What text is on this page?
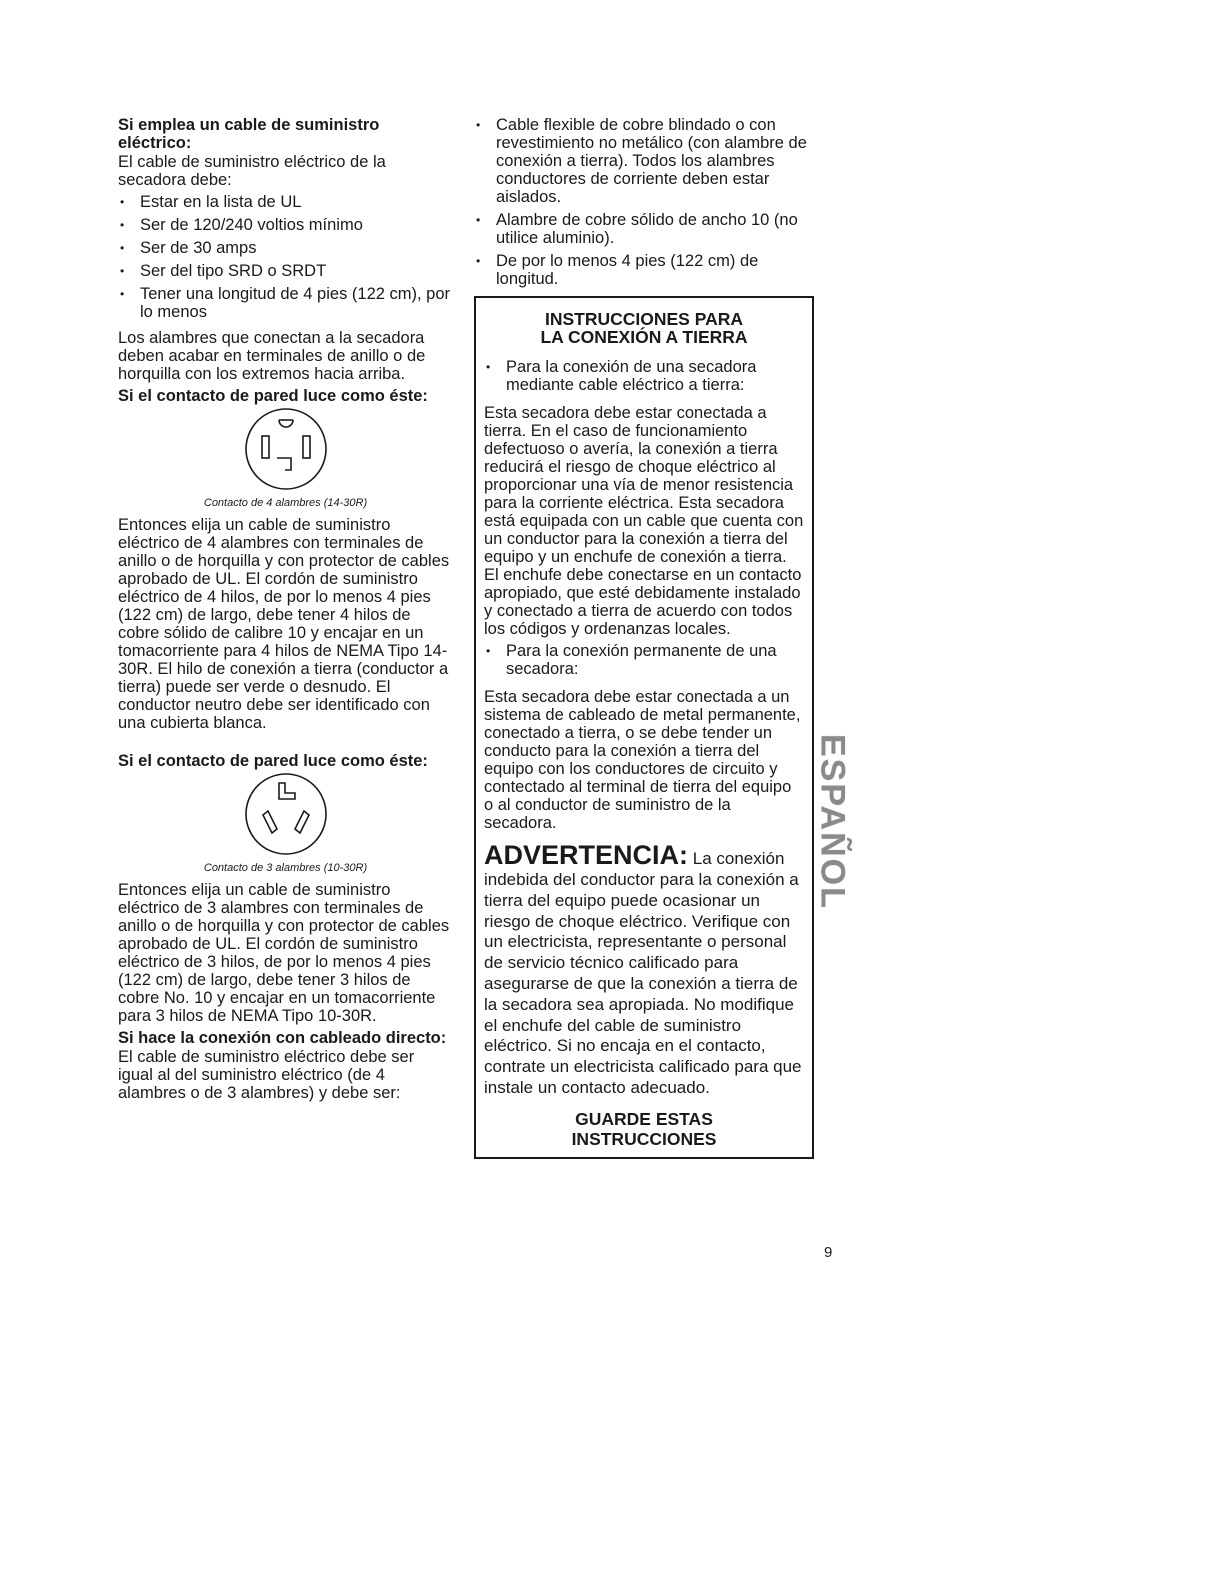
Si emplea un cable de suministro eléctrico:

El cable de suministro eléctrico de la secadora debe:

• Estar en la lista de UL
• Ser de 120/240 voltios mínimo
• Ser de 30 amps
• Ser del tipo SRD o SRDT
• Tener una longitud de 4 pies (122 cm), por lo menos

Los alambres que conectan a la secadora deben acabar en terminales de anillo o de horquilla con los extremos hacia arriba.

Si el contacto de pared luce como éste:
Contacto de 4 alambres (14-30R)

Entonces elija un cable de suministro eléctrico de 4 alambres con terminales de anillo o de horquilla y con protector de cables aprobado de UL. El cordón de suministro eléctrico de 4 hilos, de por lo menos 4 pies (122 cm) de largo, debe tener 4 hilos de cobre sólido de calibre 10 y encajar en un tomacorriente para 4 hilos de NEMA Tipo 14-30R. El hilo de conexión a tierra (conductor a tierra) puede ser verde o desnudo. El conductor neutro debe ser identificado con una cubierta blanca.

Si el contacto de pared luce como éste:
Contacto de 3 alambres (10-30R)

Entonces elija un cable de suministro eléctrico de 3 alambres con terminales de anillo o de horquilla y con protector de cables aprobado de UL. El cordón de suministro eléctrico de 3 hilos, de por lo menos 4 pies (122 cm) de largo, debe tener 3 hilos de cobre No. 10 y encajar en un tomacorriente para 3 hilos de NEMA Tipo 10-30R.

Si hace la conexión con cableado directo:

El cable de suministro eléctrico debe ser igual al del suministro eléctrico (de 4 alambres o de 3 alambres) y debe ser:

• Cable flexible de cobre blindado o con revestimiento no metálico (con alambre de conexión a tierra). Todos los alambres conductores de corriente deben estar aislados.
• Alambre de cobre sólido de ancho 10 (no utilice aluminio).
• De por lo menos 4 pies (122 cm) de longitud.
INSTRUCCIONES PARA
LA CONEXIÓN A TIERRA
• Para la conexión de una secadora mediante cable eléctrico a tierra:

Esta secadora debe estar conectada a tierra. En el caso de funcionamiento defectuoso o avería, la conexión a tierra reducirá el riesgo de choque eléctrico al proporcionar una vía de menor resistencia para la corriente eléctrica. Esta secadora está equipada con un cable que cuenta con un conductor para la conexión a tierra del equipo y un enchufe de conexión a tierra. El enchufe debe conectarse en un contacto apropiado, que esté debidamente instalado y conectado a tierra de acuerdo con todos los códigos y ordenanzas locales.

• Para la conexión permanente de una secadora:

Esta secadora debe estar conectada a un sistema de cableado de metal permanente, conectado a tierra, o se debe tender un conducto para la conexión a tierra del equipo con los conductores de circuito y contectado al terminal de tierra del equipo o al conductor de suministro de la secadora.

ADVERTENCIA: La conexión indebida del conductor para la conexión a tierra del equipo puede ocasionar un riesgo de choque eléctrico. Verifique con un electricista, representante o personal de servicio técnico calificado para asegurarse de que la conexión a tierra de la secadora sea apropiada. No modifique el enchufe del cable de suministro eléctrico. Si no encaja en el contacto, contrate un electricista calificado para que instale un contacto adecuado.
GUARDE ESTAS
INSTRUCCIONES
ESPAÑOL
9
